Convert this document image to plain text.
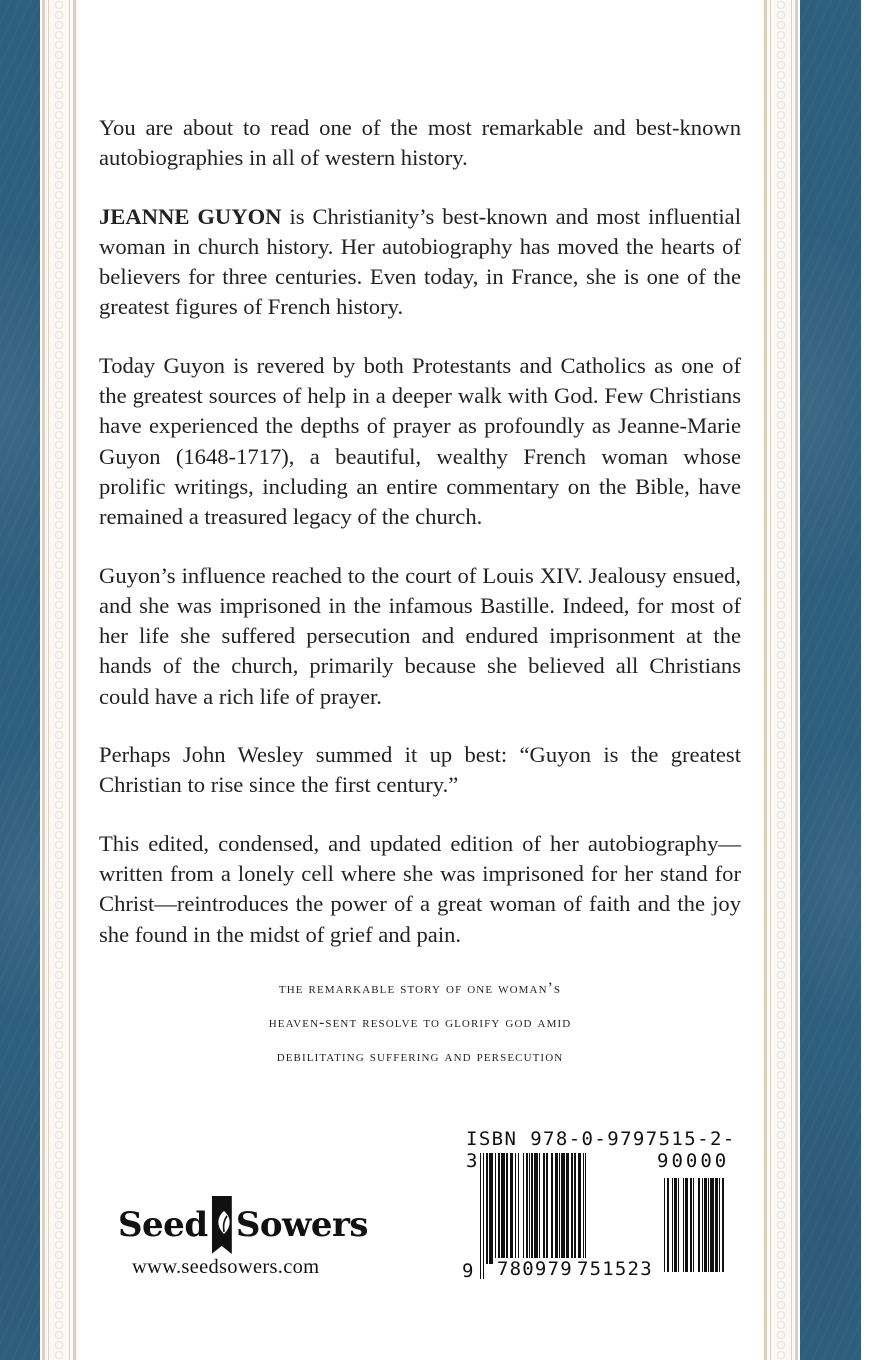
You are about to read one of the most remarkable and best-known autobiographies in all of western history.

JEANNE GUYON is Christianity’s best-known and most influential woman in church history. Her autobiography has moved the hearts of believers for three centuries. Even today, in France, she is one of the greatest figures of French history.

Today Guyon is revered by both Protestants and Catholics as one of the greatest sources of help in a deeper walk with God. Few Christians have experienced the depths of prayer as profoundly as Jeanne-Marie Guyon (1648-1717), a beautiful, wealthy French woman whose prolific writings, including an entire commentary on the Bible, have remained a treasured legacy of the church.

Guyon’s influence reached to the court of Louis XIV. Jealousy ensued, and she was imprisoned in the infamous Bastille. Indeed, for most of her life she suffered persecution and endured imprisonment at the hands of the church, primarily because she believed all Christians could have a rich life of prayer.

Perhaps John Wesley summed it up best: “Guyon is the greatest Christian to rise since the first century.”

This edited, condensed, and updated edition of her autobiography—written from a lonely cell where she was imprisoned for her stand for Christ—reintroduces the power of a great woman of faith and the joy she found in the midst of grief and pain.

the remarkable story of one woman’s
heaven-sent resolve to glorify god amid
debilitating suffering and persecution
Seed Sowers
www.seedsowers.com
ISBN 978-0-9797515-2-3	90000
9 780979 751523
